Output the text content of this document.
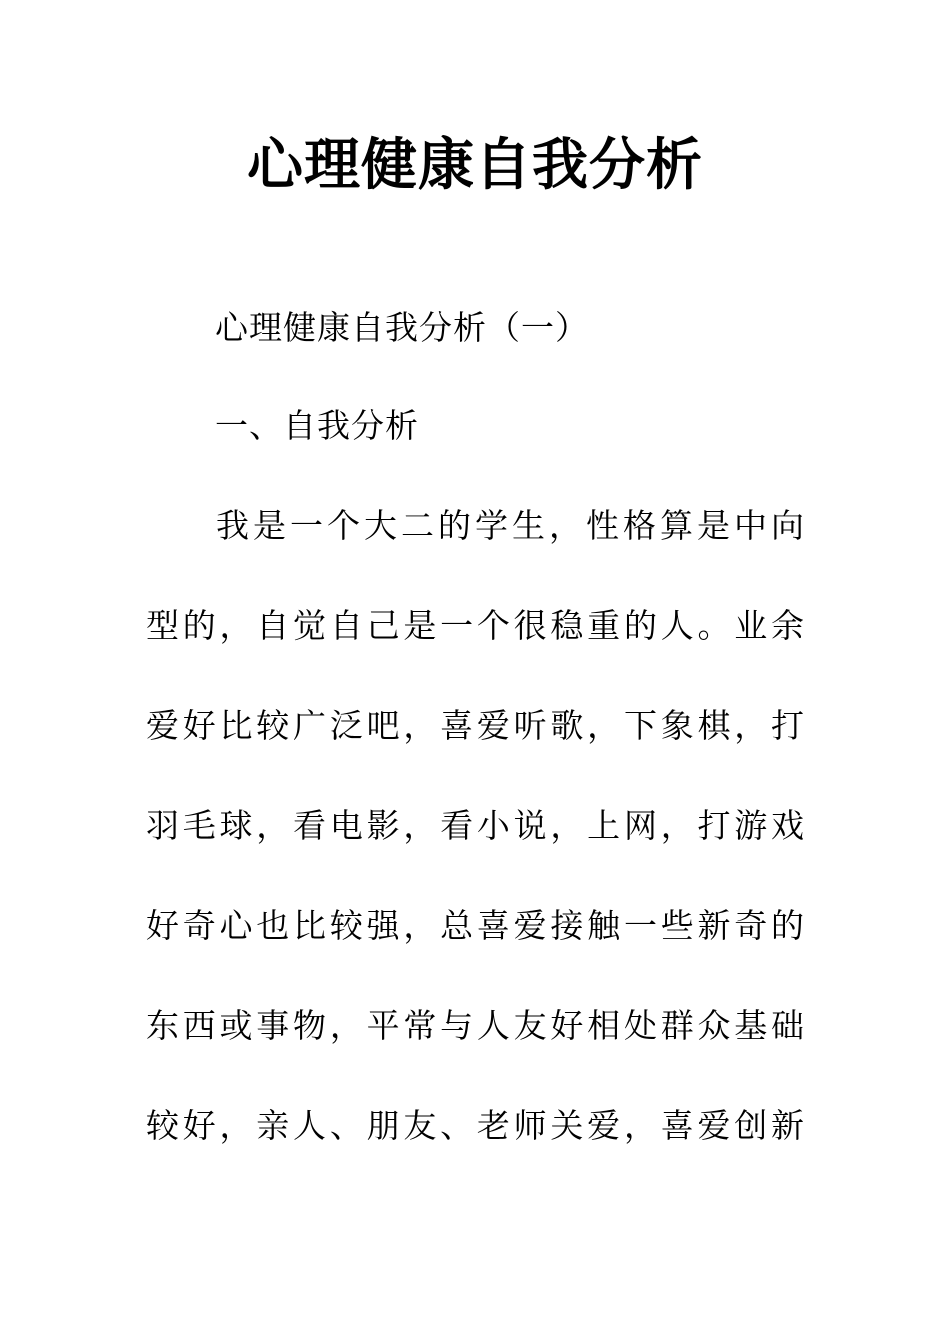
心理健康自我分析

心理健康自我分析（一）

一、自我分析

我是一个大二的学生，性格算是中向

型的，自觉自己是一个很稳重的人。业余

爱好比较广泛吧，喜爱听歌，下象棋，打

羽毛球，看电影，看小说，上网，打游戏

好奇心也比较强，总喜爱接触一些新奇的

东西或事物，平常与人友好相处群众基础

较好，亲人、朋友、老师关爱，喜爱创新
